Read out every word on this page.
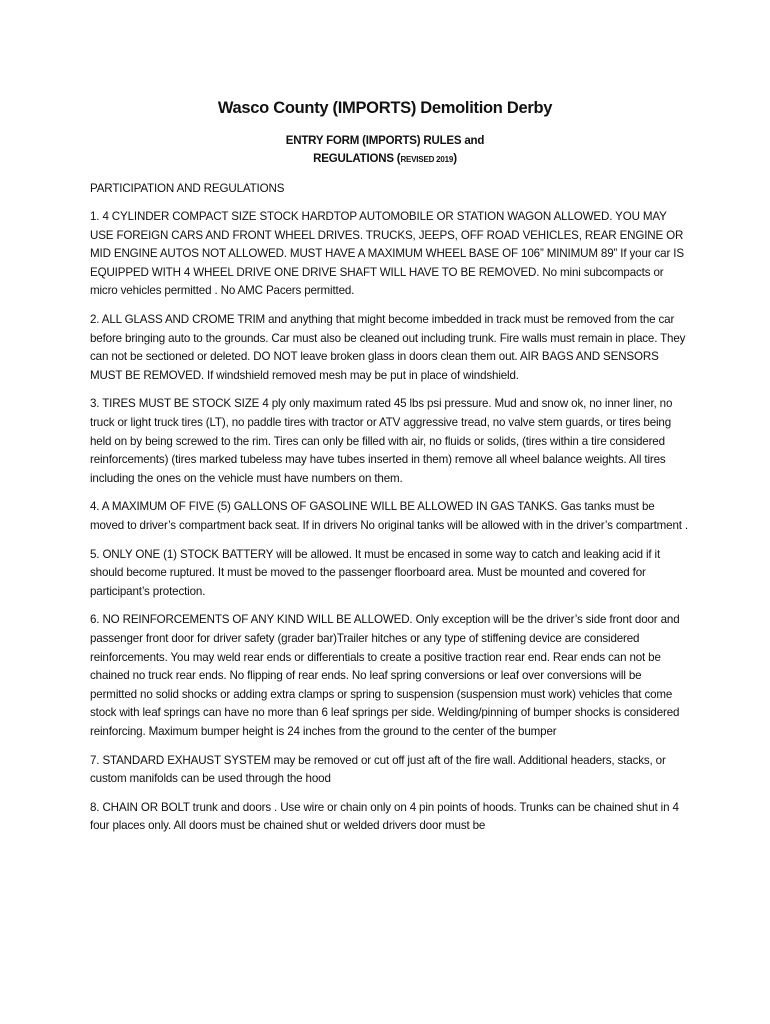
Wasco County (IMPORTS) Demolition Derby
ENTRY FORM (IMPORTS) RULES and
REGULATIONS (REVISED 2019)
PARTICIPATION AND REGULATIONS

1. 4 CYLINDER COMPACT SIZE STOCK HARDTOP AUTOMOBILE OR STATION WAGON ALLOWED. YOU MAY USE FOREIGN CARS AND FRONT WHEEL DRIVES. TRUCKS, JEEPS, OFF ROAD VEHICLES, REAR ENGINE OR MID ENGINE AUTOS NOT ALLOWED. MUST HAVE A MAXIMUM WHEEL BASE OF 106” MINIMUM 89” If your car IS EQUIPPED WITH 4 WHEEL DRIVE ONE DRIVE SHAFT WILL HAVE TO BE REMOVED. No mini subcompacts or micro vehicles permitted . No AMC Pacers permitted.

2. ALL GLASS AND CROME TRIM and anything that might become imbedded in track must be removed from the car before bringing auto to the grounds. Car must also be cleaned out including trunk. Fire walls must remain in place. They can not be sectioned or deleted. DO NOT leave broken glass in doors clean them out. AIR BAGS AND SENSORS MUST BE REMOVED. If windshield removed mesh may be put in place of windshield.

3. TIRES MUST BE STOCK SIZE 4 ply only maximum rated 45 lbs psi pressure. Mud and snow ok, no inner liner, no truck or light truck tires (LT), no paddle tires with tractor or ATV aggressive tread, no valve stem guards, or tires being held on by being screwed to the rim. Tires can only be filled with air, no fluids or solids, (tires within a tire considered reinforcements) (tires marked tubeless may have tubes inserted in them) remove all wheel balance weights. All tires including the ones on the vehicle must have numbers on them.

4. A MAXIMUM OF FIVE (5) GALLONS OF GASOLINE WILL BE ALLOWED IN GAS TANKS. Gas tanks must be moved to driver’s compartment back seat. If in drivers No original tanks will be allowed with in the driver’s compartment .

5. ONLY ONE (1) STOCK BATTERY will be allowed. It must be encased in some way to catch and leaking acid if it should become ruptured. It must be moved to the passenger floorboard area. Must be mounted and covered for participant’s protection.

6. NO REINFORCEMENTS OF ANY KIND WILL BE ALLOWED. Only exception will be the driver’s side front door and passenger front door for driver safety (grader bar)Trailer hitches or any type of stiffening device are considered reinforcements. You may weld rear ends or differentials to create a positive traction rear end. Rear ends can not be chained no truck rear ends. No flipping of rear ends. No leaf spring conversions or leaf over conversions will be permitted no solid shocks or adding extra clamps or spring to suspension (suspension must work) vehicles that come stock with leaf springs can have no more than 6 leaf springs per side. Welding/pinning of bumper shocks is considered reinforcing. Maximum bumper height is 24 inches from the ground to the center of the bumper

7. STANDARD EXHAUST SYSTEM may be removed or cut off just aft of the fire wall. Additional headers, stacks, or custom manifolds can be used through the hood

8. CHAIN OR BOLT trunk and doors . Use wire or chain only on 4 pin points of hoods. Trunks can be chained shut in 4 four places only. All doors must be chained shut or welded drivers door must be
